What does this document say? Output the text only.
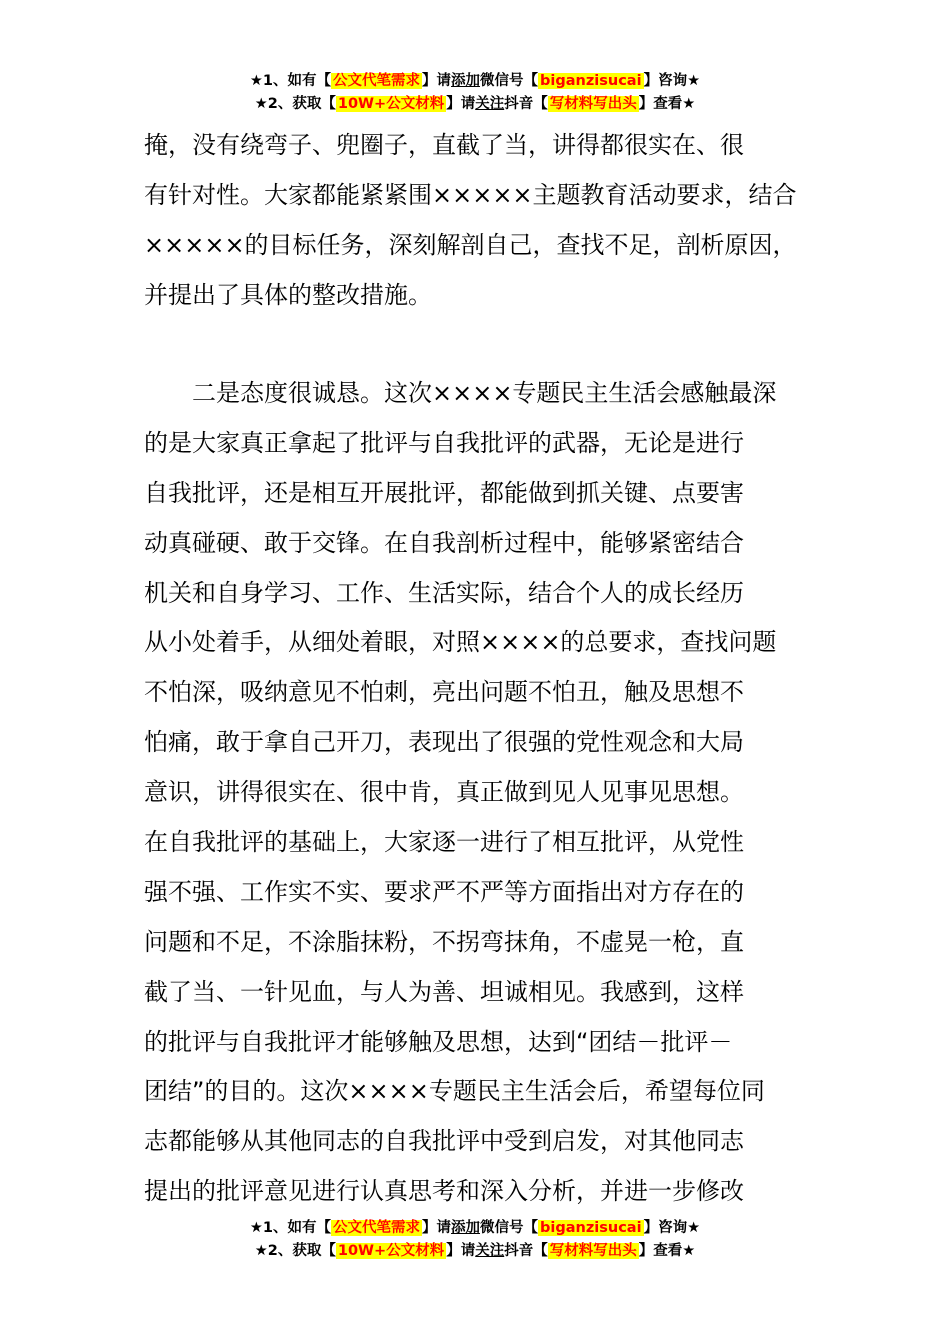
★1、如有【 公文代笔需求 】请添加微信号【 biganzisucai 】咨询★
★2、获取【 10W+公文材料 】请关注抖音【 写材料写出头 】查看★
掩，没有绕弯子、兜圈子，直截了当，讲得都很实在、很
有针对性。大家都能紧紧围×××××主题教育活动要求，结合
×××××的目标任务，深刻解剖自己，查找不足，剖析原因，
并提出了具体的整改措施。
　　二是态度很诚恳。这次××××专题民主生活会感触最深
的是大家真正拿起了批评与自我批评的武器，无论是进行
自我批评，还是相互开展批评，都能做到抓关键、点要害
动真碰硬、敢于交锋。在自我剖析过程中，能够紧密结合
机关和自身学习、工作、生活实际，结合个人的成长经历
从小处着手，从细处着眼，对照××××的总要求，查找问题
不怕深，吸纳意见不怕刺，亮出问题不怕丑，触及思想不
怕痛，敢于拿自己开刀，表现出了很强的党性观念和大局
意识，讲得很实在、很中肯，真正做到见人见事见思想。
在自我批评的基础上，大家逐一进行了相互批评，从党性
强不强、工作实不实、要求严不严等方面指出对方存在的
问题和不足，不涂脂抹粉，不拐弯抹角，不虚晃一枪，直
截了当、一针见血，与人为善、坦诚相见。我感到，这样
的批评与自我批评才能够触及思想，达到“团结－批评－
团结”的目的。这次××××专题民主生活会后，希望每位同
志都能够从其他同志的自我批评中受到启发，对其他同志
提出的批评意见进行认真思考和深入分析，并进一步修改
★1、如有【 公文代笔需求 】请添加微信号【 biganzisucai 】咨询★
★2、获取【 10W+公文材料 】请关注抖音【 写材料写出头 】查看★
